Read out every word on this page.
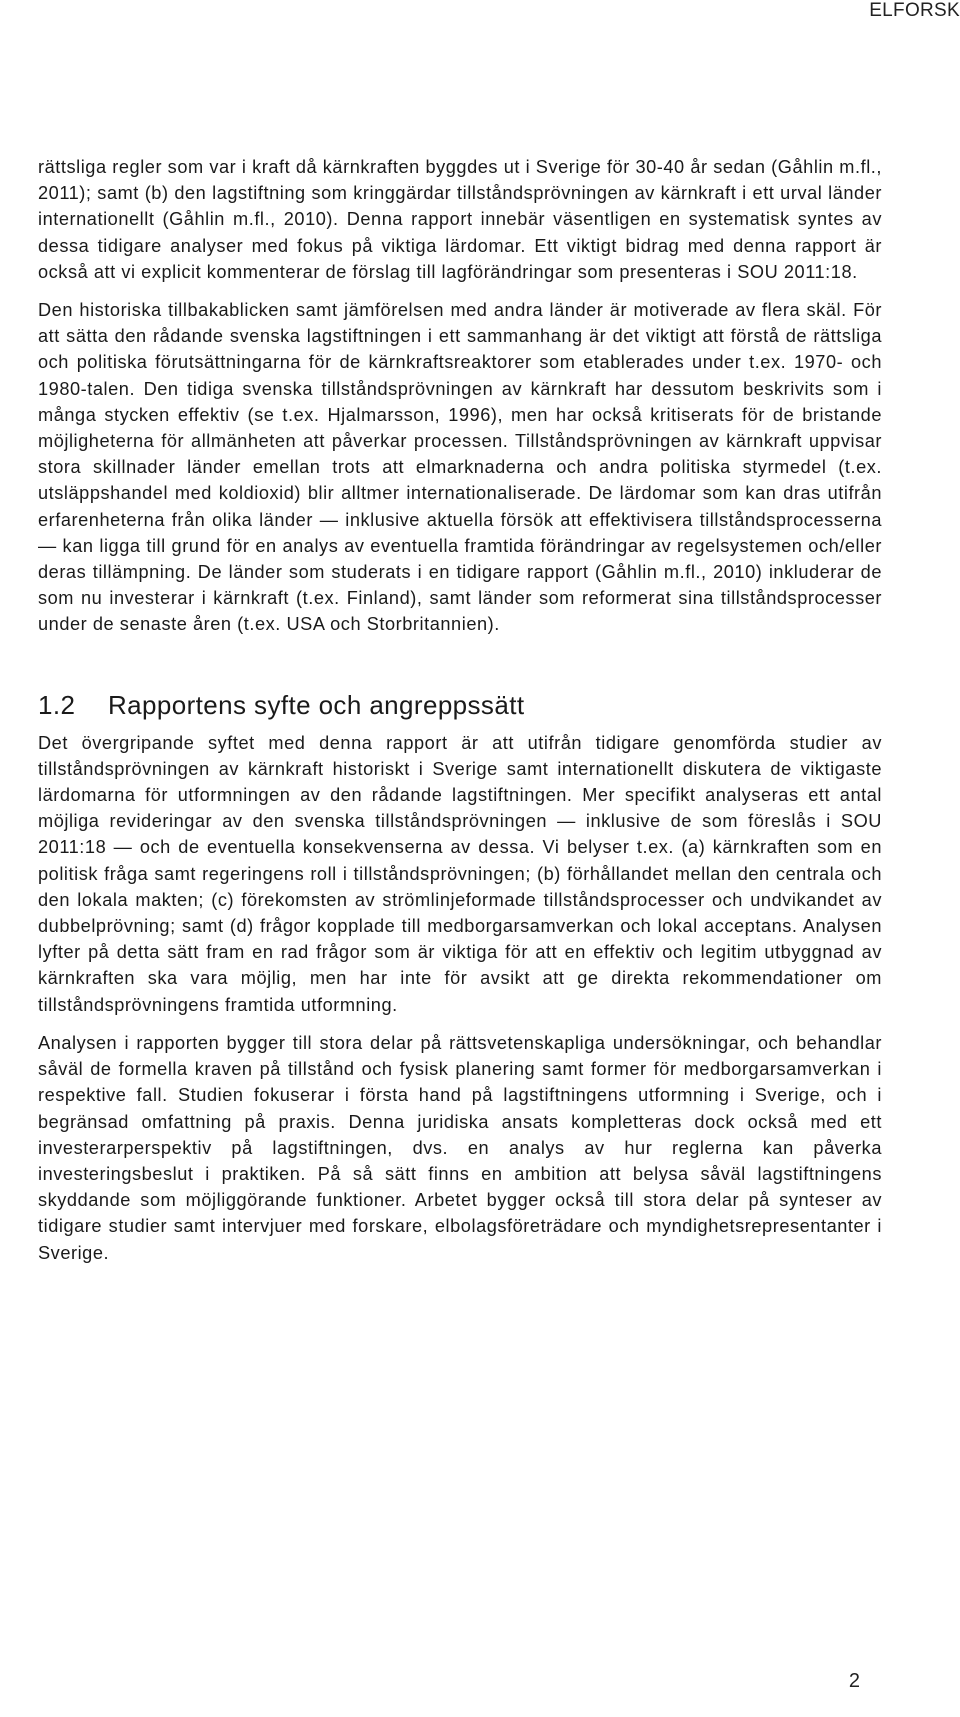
ELFORSK

rättsliga regler som var i kraft då kärnkraften byggdes ut i Sverige för 30-40 år sedan (Gåhlin m.fl., 2011); samt (b) den lagstiftning som kringgärdar tillståndsprövningen av kärnkraft i ett urval länder internationellt (Gåhlin m.fl., 2010). Denna rapport innebär väsentligen en systematisk syntes av dessa tidigare analyser med fokus på viktiga lärdomar. Ett viktigt bidrag med denna rapport är också att vi explicit kommenterar de förslag till lagförändringar som presenteras i SOU 2011:18.

Den historiska tillbakablicken samt jämförelsen med andra länder är motiverade av flera skäl. För att sätta den rådande svenska lagstiftningen i ett sammanhang är det viktigt att förstå de rättsliga och politiska förutsättningarna för de kärnkraftsreaktorer som etablerades under t.ex. 1970- och 1980-talen. Den tidiga svenska tillståndsprövningen av kärnkraft har dessutom beskrivits som i många stycken effektiv (se t.ex. Hjalmarsson, 1996), men har också kritiserats för de bristande möjligheterna för allmänheten att påverkar processen. Tillståndsprövningen av kärnkraft uppvisar stora skillnader länder emellan trots att elmarknaderna och andra politiska styrmedel (t.ex. utsläppshandel med koldioxid) blir alltmer internationaliserade. De lärdomar som kan dras utifrån erfarenheterna från olika länder — inklusive aktuella försök att effektivisera tillståndsprocesserna — kan ligga till grund för en analys av eventuella framtida förändringar av regelsystemen och/eller deras tillämpning. De länder som studerats i en tidigare rapport (Gåhlin m.fl., 2010) inkluderar de som nu investerar i kärnkraft (t.ex. Finland), samt länder som reformerat sina tillståndsprocesser under de senaste åren (t.ex. USA och Storbritannien).

1.2 Rapportens syfte och angreppssätt

Det övergripande syftet med denna rapport är att utifrån tidigare genomförda studier av tillståndsprövningen av kärnkraft historiskt i Sverige samt internationellt diskutera de viktigaste lärdomarna för utformningen av den rådande lagstiftningen. Mer specifikt analyseras ett antal möjliga revideringar av den svenska tillståndsprövningen — inklusive de som föreslås i SOU 2011:18 — och de eventuella konsekvenserna av dessa. Vi belyser t.ex. (a) kärnkraften som en politisk fråga samt regeringens roll i tillståndsprövningen; (b) förhållandet mellan den centrala och den lokala makten; (c) förekomsten av strömlinjeformade tillståndsprocesser och undvikandet av dubbelprövning; samt (d) frågor kopplade till medborgarsamverkan och lokal acceptans. Analysen lyfter på detta sätt fram en rad frågor som är viktiga för att en effektiv och legitim utbyggnad av kärnkraften ska vara möjlig, men har inte för avsikt att ge direkta rekommendationer om tillståndsprövningens framtida utformning.

Analysen i rapporten bygger till stora delar på rättsvetenskapliga undersökningar, och behandlar såväl de formella kraven på tillstånd och fysisk planering samt former för medborgarsamverkan i respektive fall. Studien fokuserar i första hand på lagstiftningens utformning i Sverige, och i begränsad omfattning på praxis. Denna juridiska ansats kompletteras dock också med ett investerarperspektiv på lagstiftningen, dvs. en analys av hur reglerna kan påverka investeringsbeslut i praktiken. På så sätt finns en ambition att belysa såväl lagstiftningens skyddande som möjliggörande funktioner. Arbetet bygger också till stora delar på synteser av tidigare studier samt intervjuer med forskare, elbolagsföreträdare och myndighetsrepresentanter i Sverige.

2
